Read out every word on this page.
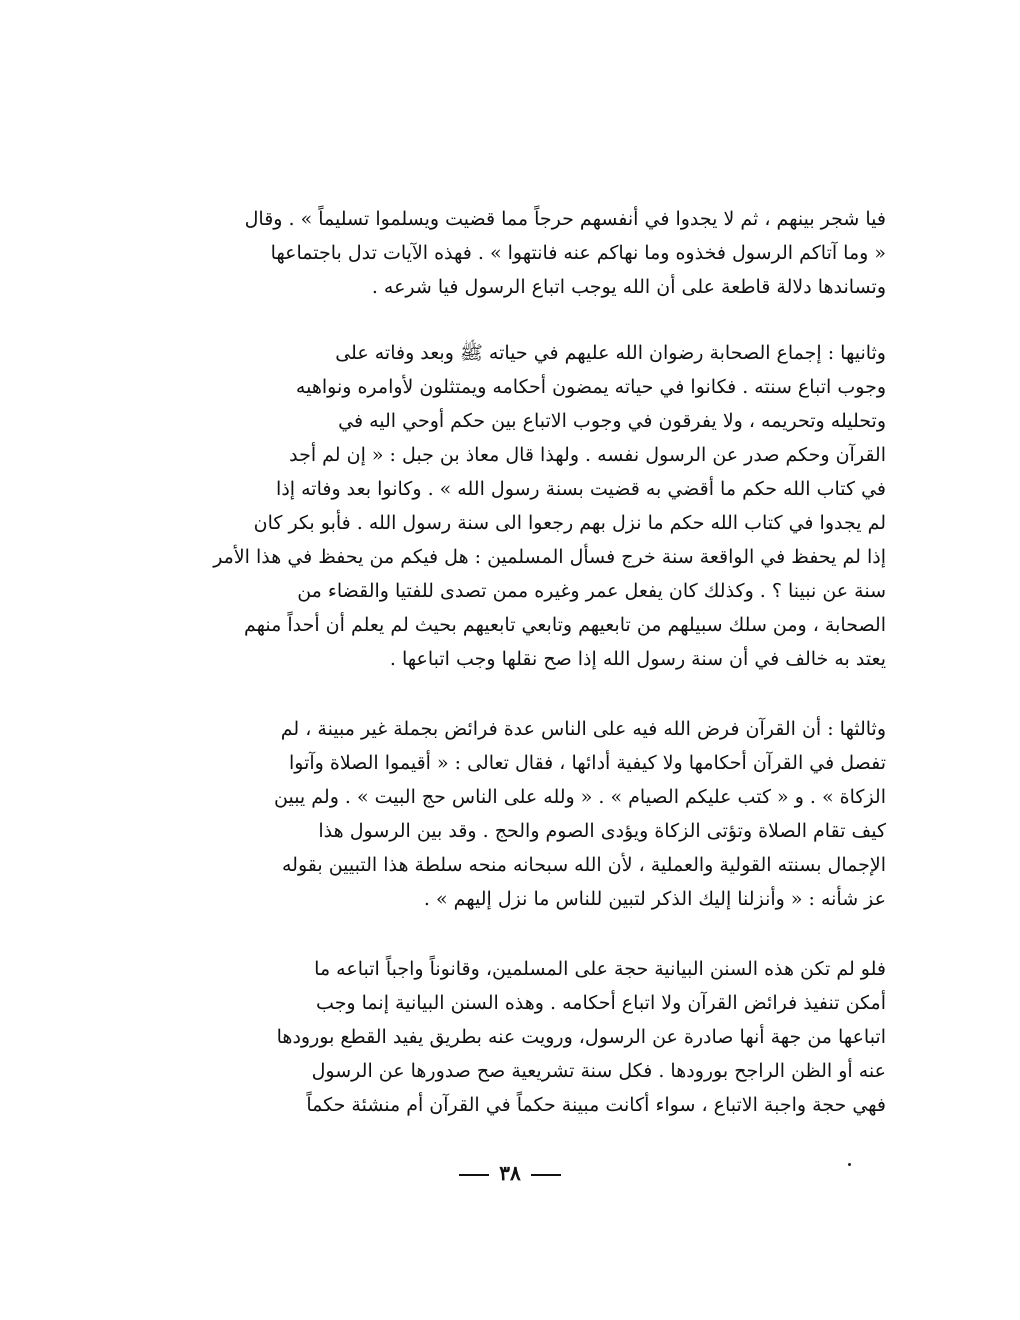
فيا شجر بينهم ، ثم لا يجدوا في أنفسهم حرجاً مما قضيت ويسلموا تسليماً » . وقال
« وما آتاكم الرسول فخذوه وما نهاكم عنه فانتهوا » . فهذه الآيات تدل باجتماعها
وتساندها دلالة قاطعة على أن الله يوجب اتباع الرسول فيا شرعه .
وثانيها : إجماع الصحابة رضوان الله عليهم في حياته ﷺ وبعد وفاته على
وجوب اتباع سنته . فكانوا في حياته يمضون أحكامه ويمتثلون لأوامره ونواهيه
وتحليله وتحريمه ، ولا يفرقون في وجوب الاتباع بين حكم أوحي اليه في
القرآن وحكم صدر عن الرسول نفسه . ولهذا قال معاذ بن جبل : « إن لم أجد
في كتاب الله حكم ما أقضي به قضيت بسنة رسول الله » . وكانوا بعد وفاته إذا
لم يجدوا في كتاب الله حكم ما نزل بهم رجعوا الى سنة رسول الله . فأبو بكر كان
إذا لم يحفظ في الواقعة سنة خرج فسأل المسلمين : هل فيكم من يحفظ في هذا الأمر
سنة عن نبينا ؟ . وكذلك كان يفعل عمر وغيره ممن تصدى للفتيا والقضاء من
الصحابة ، ومن سلك سبيلهم من تابعيهم وتابعي تابعيهم بحيث لم يعلم أن أحداً منهم
يعتد به خالف في أن سنة رسول الله إذا صح نقلها وجب اتباعها .
وثالثها : أن القرآن فرض الله فيه على الناس عدة فرائض بجملة غير مبينة ، لم
تفصل في القرآن أحكامها ولا كيفية أدائها ، فقال تعالى : « أقيموا الصلاة وآتوا
الزكاة » . و « كتب عليكم الصيام » . « ولله على الناس حج البيت » . ولم يبين
كيف تقام الصلاة وتؤتى الزكاة ويؤدى الصوم والحج . وقد بين الرسول هذا
الإجمال بسنته القولية والعملية ، لأن الله سبحانه منحه سلطة هذا التبيين بقوله
عز شأنه : « وأنزلنا إليك الذكر لتبين للناس ما نزل إليهم » .
فلو لم تكن هذه السنن البيانية حجة على المسلمين، وقانوناً واجباً اتباعه ما
أمكن تنفيذ فرائض القرآن ولا اتباع أحكامه . وهذه السنن البيانية إنما وجب
اتباعها من جهة أنها صادرة عن الرسول، ورويت عنه بطريق يفيد القطع بورودها
عنه أو الظن الراجح بورودها . فكل سنة تشريعية صح صدورها عن الرسول
فهي حجة واجبة الاتباع ، سواء أكانت مبينة حكماً في القرآن أم منشئة حكماً
٣٨
